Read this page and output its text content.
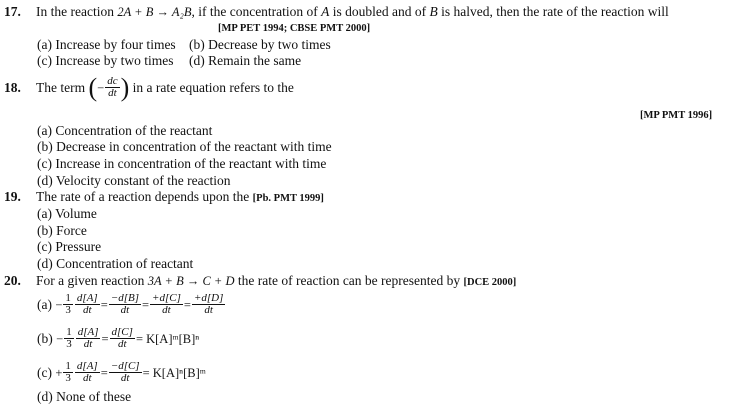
17. In the reaction 2A + B → A₂B, if the concentration of A is doubled and of B is halved, then the rate of the reaction will
[MP PET 1994; CBSE PMT 2000]
(a) Increase by four times (b) Decrease by two times
(c) Increase by two times (d) Remain the same
18. The term (− $\frac{dc}{dt}$ ) in a rate equation refers to the
[MP PMT 1996]
(a) Concentration of the reactant
(b) Decrease in concentration of the reactant with time
(c) Increase in concentration of the reactant with time
(d) Velocity constant of the reaction
19. The rate of a reaction depends upon the [Pb. PMT 1999]
(a) Volume
(b) Force
(c) Pressure
(d) Concentration of reactant
20. For a given reaction 3A + B → C + D the rate of reaction can be represented by [DCE 2000]
$(a) - \frac{1}{3} \frac{d[A]}{dt} = \frac{-d[B]}{dt} = \frac{+d[C]}{dt} = \frac{+d[D]}{dt}$
$(b) - \frac{1}{3} \frac{d[A]}{dt} = \frac{d[C]}{dt}$ = K[A]ᵐ[B]ⁿ
$(c) + \frac{1}{3} \frac{d[A]}{dt} = \frac{-d[C]}{dt}$ = K[A]ⁿ[B]ᵐ
(d) None of these
